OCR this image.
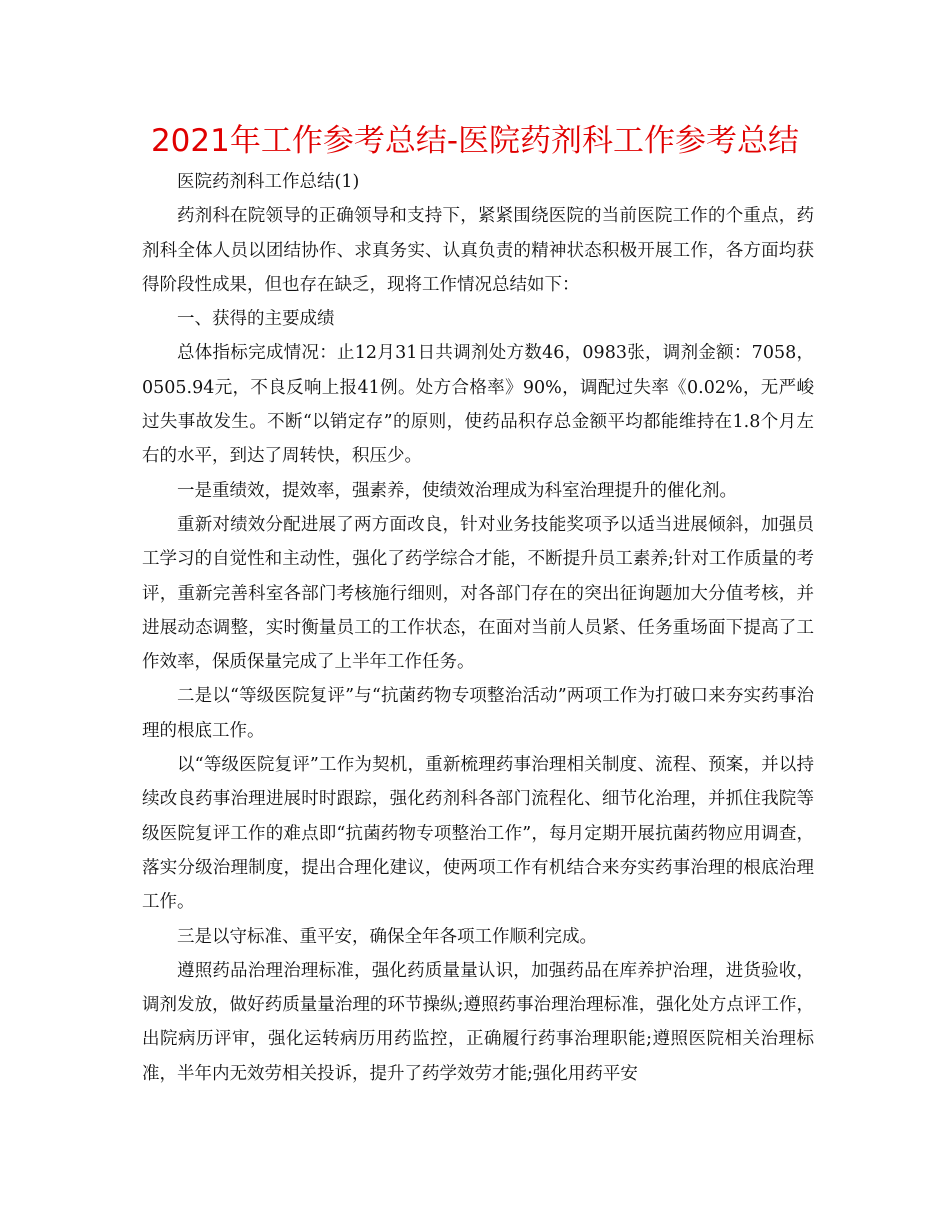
2021年工作参考总结-医院药剂科工作参考总结

医院药剂科工作总结(1)

药剂科在院领导的正确领导和支持下，紧紧围绕医院的当前医院工作的个重点，药剂科全体人员以团结协作、求真务实、认真负责的精神状态积极开展工作，各方面均获得阶段性成果，但也存在缺乏，现将工作情况总结如下：

一、获得的主要成绩

总体指标完成情况：止12月31日共调剂处方数46，0983张，调剂金额：7058，0505.94元，不良反响上报41例。处方合格率》90%，调配过失率《0.02%，无严峻过失事故发生。不断“以销定存”的原则，使药品积存总金额平均都能维持在1.8个月左右的水平，到达了周转快，积压少。

一是重绩效，提效率，强素养，使绩效治理成为科室治理提升的催化剂。

重新对绩效分配进展了两方面改良，针对业务技能奖项予以适当进展倾斜，加强员工学习的自觉性和主动性，强化了药学综合才能，不断提升员工素养;针对工作质量的考评，重新完善科室各部门考核施行细则，对各部门存在的突出征询题加大分值考核，并进展动态调整，实时衡量员工的工作状态，在面对当前人员紧、任务重场面下提高了工作效率，保质保量完成了上半年工作任务。

二是以“等级医院复评”与“抗菌药物专项整治活动”两项工作为打破口来夯实药事治理的根底工作。

以“等级医院复评”工作为契机，重新梳理药事治理相关制度、流程、预案，并以持续改良药事治理进展时时跟踪，强化药剂科各部门流程化、细节化治理，并抓住我院等级医院复评工作的难点即“抗菌药物专项整治工作”，每月定期开展抗菌药物应用调查，落实分级治理制度，提出合理化建议，使两项工作有机结合来夯实药事治理的根底治理工作。

三是以守标准、重平安，确保全年各项工作顺利完成。

遵照药品治理治理标准，强化药质量量认识，加强药品在库养护治理，进货验收，调剂发放，做好药质量量治理的环节操纵;遵照药事治理治理标准，强化处方点评工作，出院病历评审，强化运转病历用药监控，正确履行药事治理职能;遵照医院相关治理标准，半年内无效劳相关投诉，提升了药学效劳才能;强化用药平安
